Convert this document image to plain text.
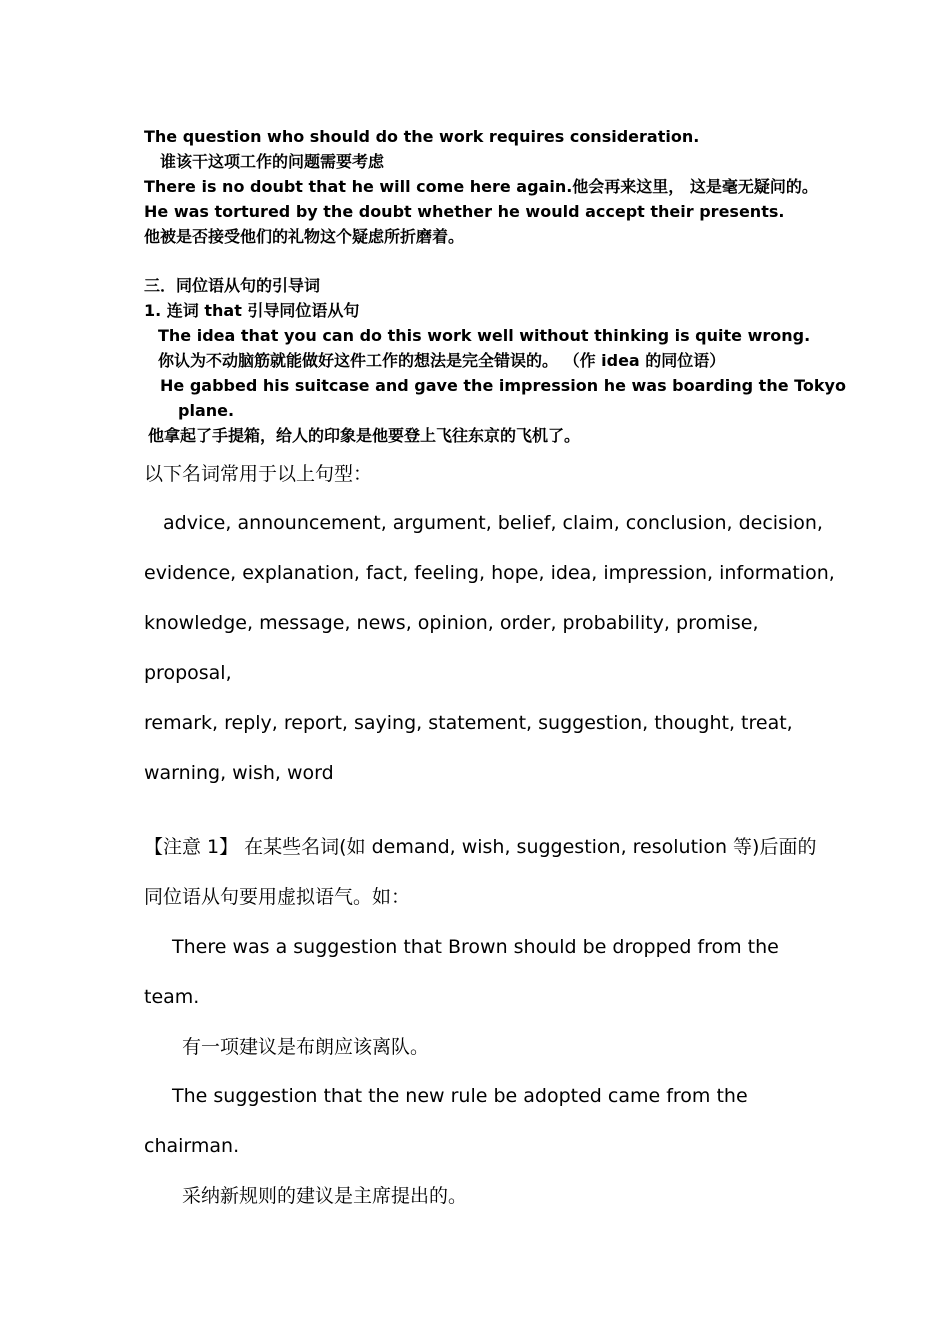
The question who should do the work requires consideration.
谁该干这项工作的问题需要考虑
There is no doubt that he will come here again.他会再来这里， 这是毫无疑问的。
He was tortured by the doubt whether he would accept their presents.
他被是否接受他们的礼物这个疑虑所折磨着。
三．同位语从句的引导词
1. 连词 that 引导同位语从句
The idea that you can do this work well without thinking is quite wrong.
你认为不动脑筋就能做好这件工作的想法是完全错误的。 （作 idea 的同位语）
He gabbed his suitcase and gave the impression he was boarding the Tokyo
plane.
他拿起了手提箱，给人的印象是他要登上飞往东京的飞机了。
以下名词常用于以上句型：
advice, announcement, argument, belief, claim, conclusion, decision,
evidence, explanation, fact, feeling, hope, idea, impression, information,
knowledge, message, news, opinion, order, probability, promise,
proposal,
remark, reply, report, saying, statement, suggestion, thought, treat,
warning, wish, word
【注意 1】 在某些名词(如 demand, wish, suggestion, resolution 等)后面的
同位语从句要用虚拟语气。如：
There was a suggestion that Brown should be dropped from the
team.
有一项建议是布朗应该离队。
The suggestion that the new rule be adopted came from the
chairman.
采纳新规则的建议是主席提出的。
